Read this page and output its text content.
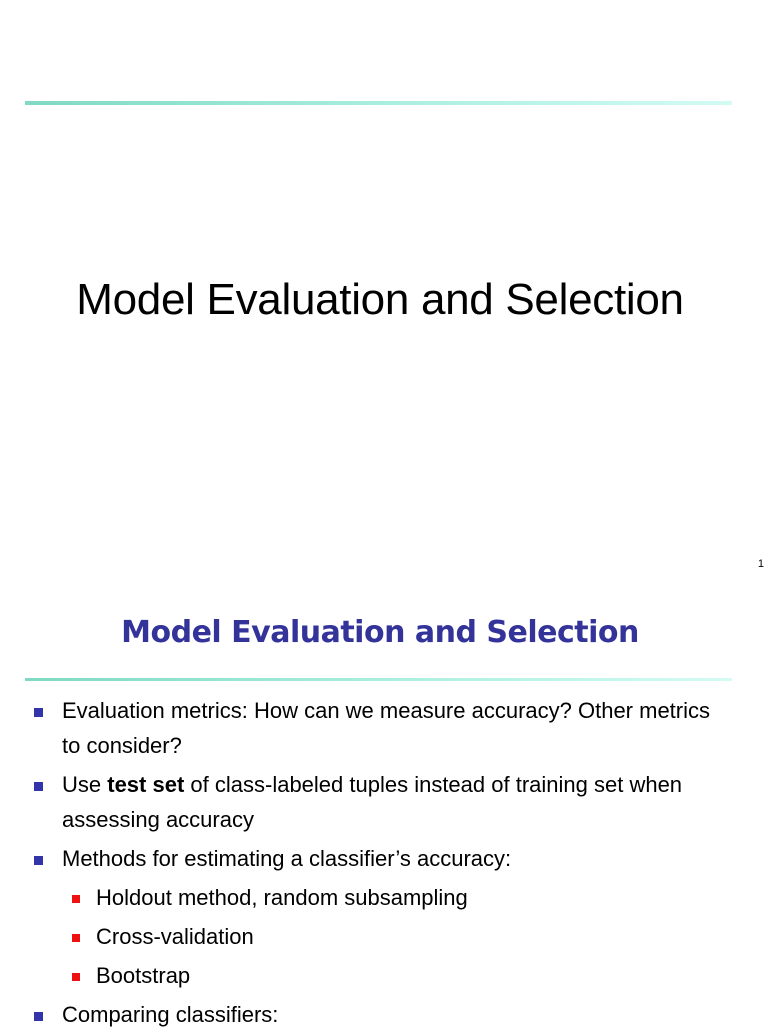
Model Evaluation and Selection
1
Model Evaluation and Selection
Evaluation metrics: How can we measure accuracy? Other metrics to consider?
Use test set of class-labeled tuples instead of training set when assessing accuracy
Methods for estimating a classifier’s accuracy:
Holdout method, random subsampling
Cross-validation
Bootstrap
Comparing classifiers:
